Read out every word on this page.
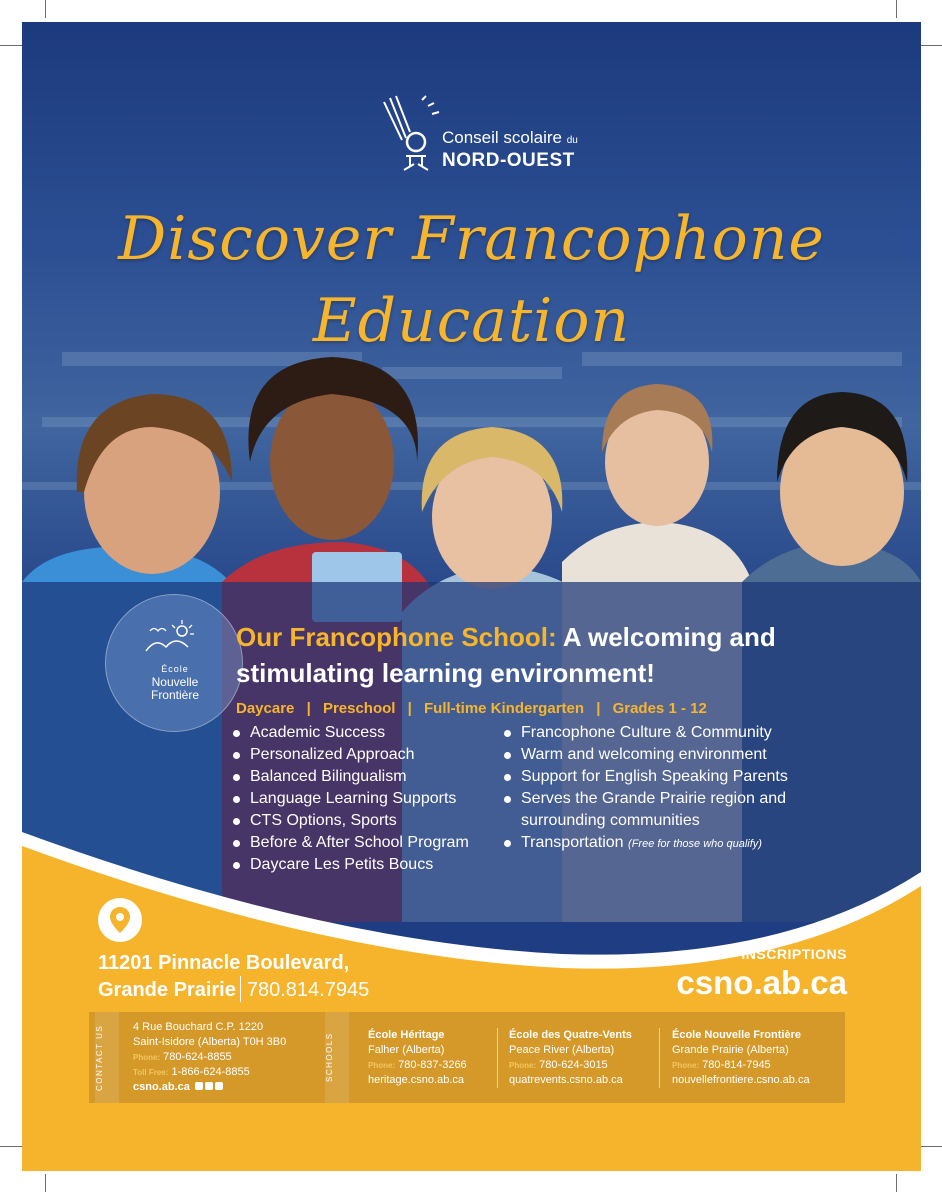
Conseil scolaire du
NORD-OUEST
Discover Francophone
Education
École
Nouvelle
Frontière
Our Francophone School: A welcoming and stimulating learning environment!
Daycare | Preschool | Full-time Kindergarten | Grades 1 - 12
Academic Success
Personalized Approach
Balanced Bilingualism
Language Learning Supports
CTS Options, Sports
Before & After School Program
Daycare Les Petits Boucs
Francophone Culture & Community
Warm and welcoming environment
Support for English Speaking Parents
Serves the Grande Prairie region and
surrounding communities
Transportation (Free for those who qualify)
11201 Pinnacle Boulevard,
Grande Prairie 780.814.7945
INSCRIPTIONS
csno.ab.ca
CONTACT US	4 Rue Bouchard C.P. 1220
Saint-Isidore (Alberta) T0H 3B0
Phone: 780-624-8855
Toll Free: 1-866-624-8855
csno.ab.ca
SCHOOLS	École Héritage
Falher (Alberta)
Phone: 780-837-3266
heritage.csno.ab.ca
École des Quatre-Vents
Peace River (Alberta)
Phone: 780-624-3015
quatrevents.csno.ab.ca
École Nouvelle Frontière
Grande Prairie (Alberta)
Phone: 780-814-7945
nouvellefrontiere.csno.ab.ca
